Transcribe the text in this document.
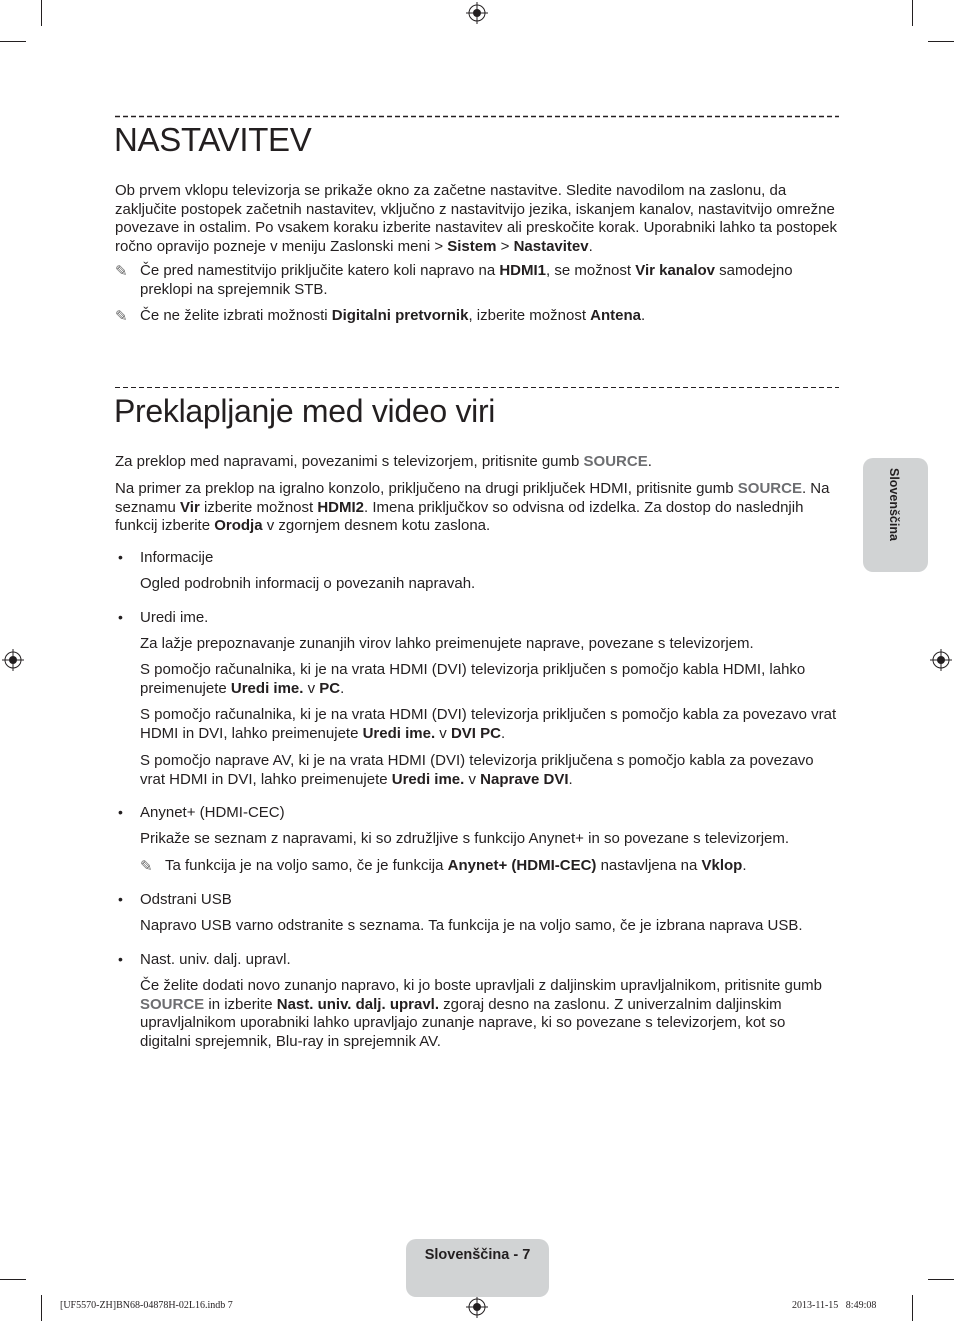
NASTAVITEV
Ob prvem vklopu televizorja se prikaže okno za začetne nastavitve. Sledite navodilom na zaslonu, da zaključite postopek začetnih nastavitev, vključno z nastavitvijo jezika, iskanjem kanalov, nastavitvijo omrežne povezave in ostalim. Po vsakem koraku izberite nastavitev ali preskočite korak. Uporabniki lahko ta postopek ročno opravijo pozneje v meniju Zaslonski meni > Sistem > Nastavitev.
✎ Če pred namestitvijo priključite katero koli napravo na HDMI1, se možnost Vir kanalov samodejno preklopi na sprejemnik STB.
✎ Če ne želite izbrati možnosti Digitalni pretvornik, izberite možnost Antena.
Preklapljanje med video viri
Za preklop med napravami, povezanimi s televizorjem, pritisnite gumb SOURCE.
Na primer za preklop na igralno konzolo, priključeno na drugi priključek HDMI, pritisnite gumb SOURCE. Na seznamu Vir izberite možnost HDMI2. Imena priključkov so odvisna od izdelka. Za dostop do naslednjih funkcij izberite Orodja v zgornjem desnem kotu zaslona.
• Informacije
Ogled podrobnih informacij o povezanih napravah.
• Uredi ime.
Za lažje prepoznavanje zunanjih virov lahko preimenujete naprave, povezane s televizorjem.
S pomočjo računalnika, ki je na vrata HDMI (DVI) televizorja priključen s pomočjo kabla HDMI, lahko preimenujete Uredi ime. v PC.
S pomočjo računalnika, ki je na vrata HDMI (DVI) televizorja priključen s pomočjo kabla za povezavo vrat HDMI in DVI, lahko preimenujete Uredi ime. v DVI PC.
S pomočjo naprave AV, ki je na vrata HDMI (DVI) televizorja priključena s pomočjo kabla za povezavo vrat HDMI in DVI, lahko preimenujete Uredi ime. v Naprave DVI.
• Anynet+ (HDMI-CEC)
Prikaže se seznam z napravami, ki so združljive s funkcijo Anynet+ in so povezane s televizorjem.
✎ Ta funkcija je na voljo samo, če je funkcija Anynet+ (HDMI-CEC) nastavljena na Vklop.
• Odstrani USB
Napravo USB varno odstranite s seznama. Ta funkcija je na voljo samo, če je izbrana naprava USB.
• Nast. univ. dalj. upravl.
Če želite dodati novo zunanjo napravo, ki jo boste upravljali z daljinskim upravljalnikom, pritisnite gumb SOURCE in izberite Nast. univ. dalj. upravl. zgoraj desno na zaslonu. Z univerzalnim daljinskim upravljalnikom uporabniki lahko upravljajo zunanje naprave, ki so povezane s televizorjem, kot so digitalni sprejemnik, Blu-ray in sprejemnik AV.
Slovenščina
Slovenščina - 7
[UF5570-ZH]BN68-04878H-02L16.indb 7	2013-11-15   8:49:08
